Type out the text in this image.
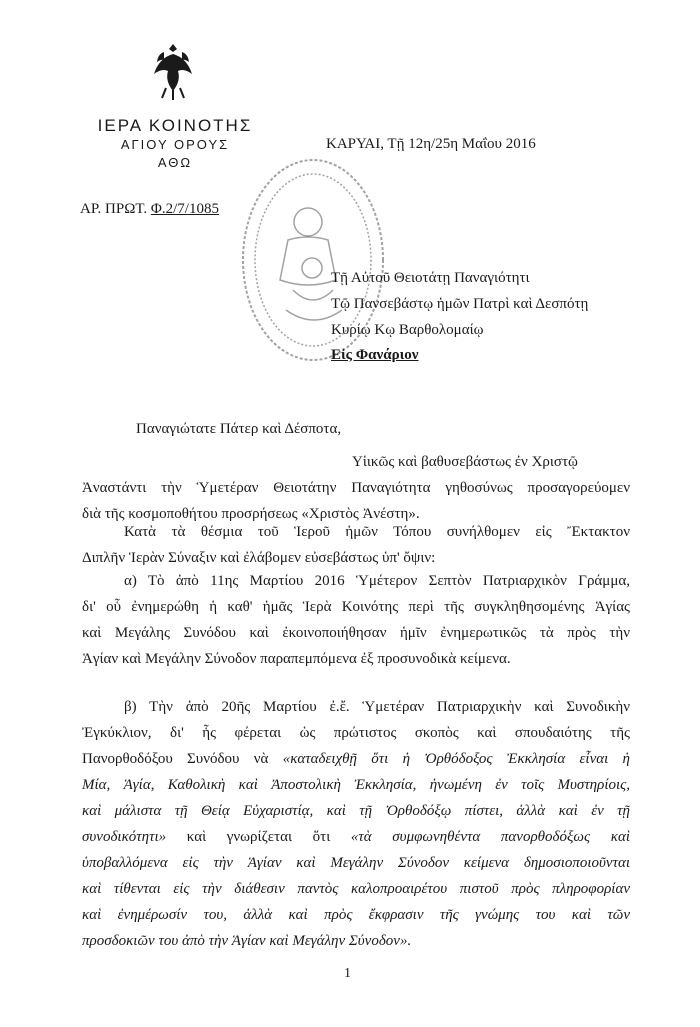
ΙΕΡΑ ΚΟΙΝΟΤΗΣ
ΑΓΙΟΥ ΟΡΟΥΣ
ΑΘΩ
ΚΑΡΥΑΙ, Τῇ 12η/25η Μαΐου 2016
ΑΡ. ΠΡΩΤ. Φ.2/7/1085
Τῇ Αὐτοῦ Θειοτάτῃ Παναγιότητι
Τῷ Πανσεβάστῳ ἡμῶν Πατρὶ καὶ Δεσπότῃ
Κυρίῳ Κῳ Βαρθολομαίῳ
Εἰς Φανάριον
Παναγιώτατε Πάτερ καὶ Δέσποτα,
Υἱικῶς καὶ βαθυσεβάστως ἐν Χριστῷ
Ἀναστάντι τὴν Ὑμετέραν Θειοτάτην Παναγιότητα γηθοσύνως προσαγορεύομεν
διὰ τῆς κοσμοποθήτου προσρήσεως «Χριστὸς Ἀνέστη».
Κατὰ τὰ θέσμια τοῦ Ἱεροῦ ἡμῶν Τόπου συνήλθομεν εἰς Ἔκτακτον
Διπλῆν Ἱερὰν Σύναξιν καὶ ἐλάβομεν εὐσεβάστως ὑπ' ὄψιν:
α) Τὸ ἀπὸ 11ης Μαρτίου 2016 Ὑμέτερον Σεπτὸν Πατριαρχικὸν Γράμμα,
δι' οὗ ἐνημερώθη ἡ καθ' ἡμᾶς Ἱερὰ Κοινότης περὶ τῆς συγκληθησομένης Ἁγίας
καὶ Μεγάλης Συνόδου καὶ ἐκοινοποιήθησαν ἡμῖν ἐνημερωτικῶς τὰ πρὸς τὴν
Ἁγίαν καὶ Μεγάλην Σύνοδον παραπεμπόμενα ἐξ προσυνοδικὰ κείμενα.
β) Τὴν ἀπὸ 20ῆς Μαρτίου ἐ.ἔ. Ὑμετέραν Πατριαρχικὴν καὶ Συνοδικὴν
Ἐγκύκλιον, δι' ἧς φέρεται ὡς πρώτιστος σκοπὸς καὶ σπουδαιότης τῆς
Πανορθοδόξου Συνόδου νὰ «καταδειχθῇ ὅτι ἡ Ὀρθόδοξος Ἐκκλησία εἶναι ἡ
Μία, Ἁγία, Καθολικὴ καὶ Ἀποστολικὴ Ἐκκλησία, ἡνωμένη ἐν τοῖς Μυστηρίοις,
καὶ μάλιστα τῇ Θείᾳ Εὐχαριστίᾳ, καὶ τῇ Ὀρθοδόξῳ πίστει, ἀλλὰ καὶ ἐν τῇ
συνοδικότητι» καὶ γνωρίζεται ὅτι «τὰ συμφωνηθέντα πανορθοδόξως καὶ
ὑποβαλλόμενα εἰς τὴν Ἁγίαν καὶ Μεγάλην Σύνοδον κείμενα δημοσιοποιοῦνται
καὶ τίθενται εἰς τὴν διάθεσιν παντὸς καλοπροαιρέτου πιστοῦ πρὸς πληροφορίαν
καὶ ἐνημέρωσίν του, ἀλλὰ καὶ πρὸς ἔκφρασιν τῆς γνώμης του καὶ τῶν
προσδοκιῶν του ἀπὸ τὴν Ἁγίαν καὶ Μεγάλην Σύνοδον».
1
